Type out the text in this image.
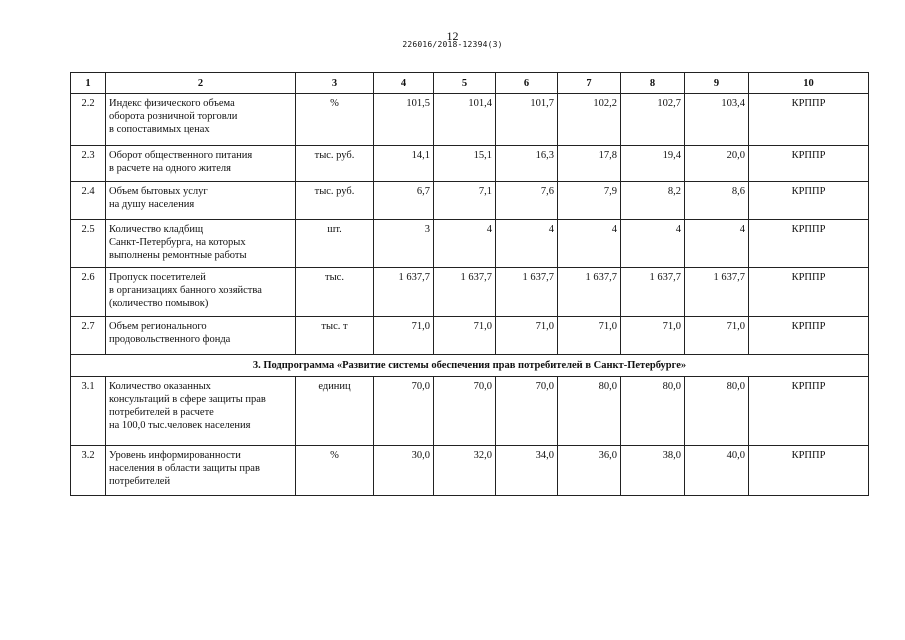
12
226016/2018-12394(3)
1	2	3	4	5	6	7	8	9	10
2.2	Индекс физического объема
оборота розничной торговли
в сопоставимых ценах	%	101,5	101,4	101,7	102,2	102,7	103,4	КРППР
2.3	Оборот общественного питания
в расчете на одного жителя	тыс. руб.	14,1	15,1	16,3	17,8	19,4	20,0	КРППР
2.4	Объем бытовых услуг
на душу населения	тыс. руб.	6,7	7,1	7,6	7,9	8,2	8,6	КРППР
2.5	Количество кладбищ
Санкт-Петербурга, на которых
выполнены ремонтные работы	шт.	3	4	4	4	4	4	КРППР
2.6	Пропуск посетителей
в организациях банного хозяйства
(количество помывок)	тыс.	1 637,7	1 637,7	1 637,7	1 637,7	1 637,7	1 637,7	КРППР
2.7	Объем регионального
продовольственного фонда	тыс. т	71,0	71,0	71,0	71,0	71,0	71,0	КРППР
3. Подпрограмма «Развитие системы обеспечения прав потребителей в Санкт-Петербурге»									
3.1	Количество оказанных
консультаций в сфере защиты прав
потребителей в расчете
на 100,0 тыс.человек населения	единиц	70,0	70,0	70,0	80,0	80,0	80,0	КРППР
3.2	Уровень информированности
населения в области защиты прав
потребителей	%	30,0	32,0	34,0	36,0	38,0	40,0	КРППР
